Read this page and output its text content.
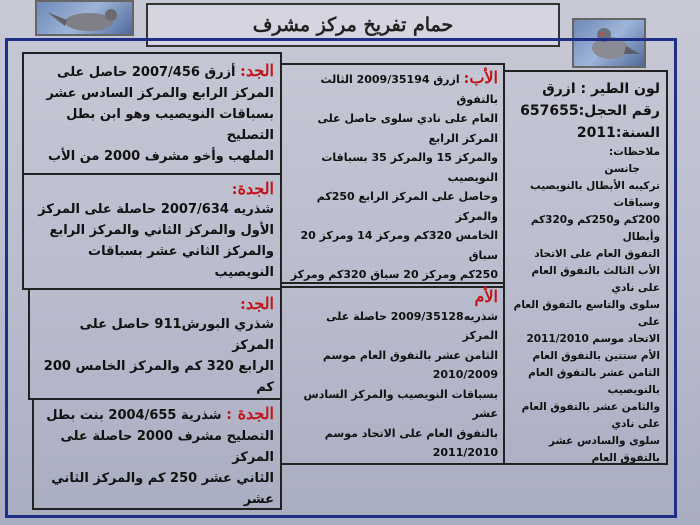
حمام تفريخ مركز مشرف

لون الطير : ازرق

رقم الحجل:657655

السنة:2011

ملاحظات:

جانسن

تركيبه الأبطال بالنويصيب وسباقات

200كم و250كم و320كم وأبطال

التفوق العام على الاتحاد

الأب الثالث بالتفوق العام على نادي

سلوى والتاسع بالتفوق العام على

الاتحاد موسم 2011/2010

الأم ستتين بالتفوق العام

الثامن عشر بالتفوق العام بالنويصيب

والثامن عشر بالتفوق العام على نادي

سلوى والسادس عشر بالتفوق العام

الأب: ازرق 2009/35194 الثالث بالتفوق

العام على نادي سلوى حاصل على المركز الرابع

والمركز 15 والمركز 35 بسباقات النويصيب

وحاصل على المركز الرابع 250كم والمركز

الخامس 320كم ومركز 14 ومركز 20 سباق

250كم ومركز 20 سباق 320كم ومركز

الأم

شذريه2009/35128 حاصلة على المركز

الثامن عشر بالتفوق العام موسم 2010/2009

بسباقات النويصيب والمركز السادس عشر

بالتفوق العام على الاتحاد موسم 2011/2010

الجد: أزرق 2007/456 حاصل على

المركز الرابع والمركز السادس عشر

بسباقات النويصيب وهو ابن بطل التصليح

الملهب وأخو مشرف 2000 من الأب

الجدة:

شذريه 2007/634 حاصلة على المركز

الأول والمركز الثاني والمركز الرابع

والمركز الثاني عشر بسباقات النويصيب

الجد:

شذري البورش911 حاصل على المركز

الرابع 320 كم والمركز الخامس 200 كم

الجدة : شذرية 2004/655 بنت بطل

التصليح مشرف 2000 حاصلة على المركز

الثاني عشر 250 كم والمركز الثاني عشر
